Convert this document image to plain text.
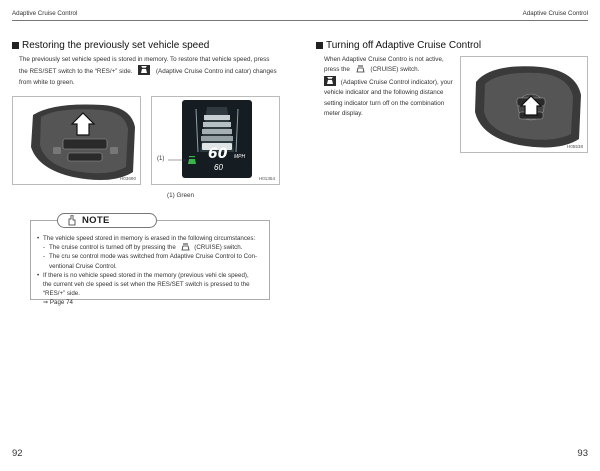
Adaptive Cruise Control	Adaptive Cruise Control
Restoring the previously set vehicle speed
The previously set vehicle speed is stored in memory. To restore that vehicle speed, press
the RES/SET switch to the “RES/+” side.	(Adaptive Cruise Contro ind cator) changes
from white to green.
H03690
(1)	60 MPH
60
H01354
(1) Green
NOTE
• The vehicle speed stored in memory is erased in the following circumstances:
- The cruise control is turned off by pressing the	(CRUISE) switch.
- The cru se control mode was switched from Adaptive Cruise Control to Con-
ventional Cruise Control.
• If there is no vehicle speed stored in the memory (previous vehi cle speed),
the current veh cle speed is set when the RES/SET switch is pressed to the
“RES/+” side.
⇒ Page 74
Turning off Adaptive Cruise Control
When Adaptive Cruise Contro is not active,
press the	(CRUISE) switch.
(Adaptive Cruise Control indicator), your
vehicle indicator and the following distance
setting indicator turn off on the combination
meter display.
H05538
92	93
